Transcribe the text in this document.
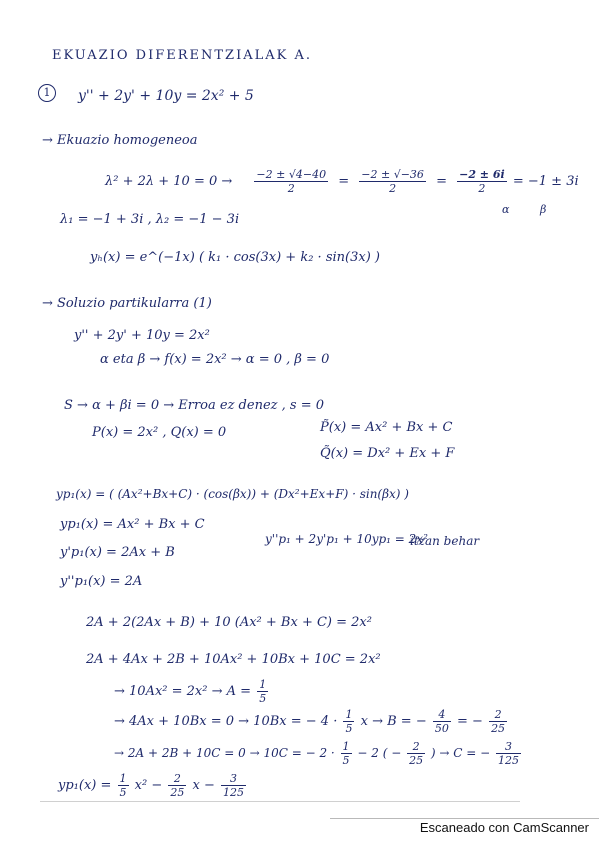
EKUAZIO DIFERENTZIALAK A.
1	y'' + 2y' + 10y = 2x² + 5
→ Ekuazio homogeneoa
$\lambda^2 + 2\lambda + 10 = 0 \to \frac{-2 \pm √4-40}{2} = \frac{-2 \pm √-36}{2} = \frac{-2 \pm 6i}{2} = -1 \pm 3i$
α	β
λ₁ = −1 + 3i , λ₂ = −1 − 3i
yₕ(x) = e^(−1x) ( k₁ · cos(3x) + k₂ · sin(3x) )
→ Soluzio partikularra (1)
y'' + 2y' + 10y = 2x²
α eta β → f(x) = 2x² → α = 0 , β = 0
S → α + βi = 0 → Erroa ez denez , s = 0
P(x) = 2x² , Q(x) = 0	P̃(x) = Ax² + Bx + C
Q̃(x) = Dx² + Ex + F
yp₁(x) = ( (Ax²+Bx+C) · (cos(βx)) + (Dx²+Ex+F) · sin(βx) )
yp₁(x) = Ax² + Bx + C
y'p₁(x) = 2Ax + B
y''p₁(x) = 2A
y''p₁ + 2y'p₁ + 10yp₁ = 2x²
itzan behar
2A + 2(2Ax + B) + 10 (Ax² + Bx + C) = 2x²
2A + 4Ax + 2B + 10Ax² + 10Bx + 10C = 2x²
→ $10Ax^2 = 2x^2 \to A = \frac{1}{5}$
→ 4Ax + 10Bx = 0 → 10Bx = − $4 \cdot \frac{1}{5}$ x → B = − $\frac{4}{50}$ = − $\frac{2}{25}$
→ 2A + 2B + 10C = 0 → 10C = − $2 \cdot \frac{1}{5} - 2$ ( − $\frac{2}{25}$ ) → C = − $\frac{3}{125}$
$yp_1(x) = \frac{1}{5} x^2 - \frac{2}{25}$ $x - \frac{3}{125}$
Escaneado con CamScanner
